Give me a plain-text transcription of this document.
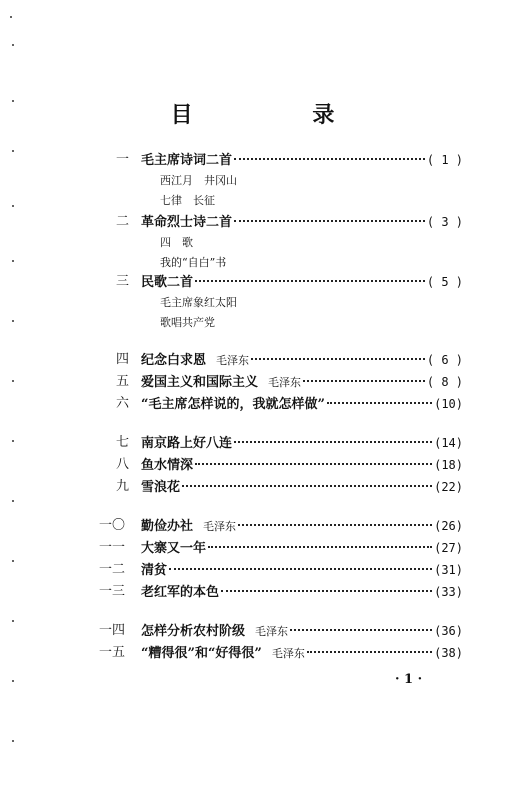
目 录
一 毛主席诗词二首	( 1 )
西江月　井冈山
七律　长征
二 革命烈士诗二首	( 3 )
四　歌
我的“自白”书
三 民歌二首	( 5 )
毛主席象红太阳
歌唱共产党
四 纪念白求恩 毛泽东	( 6 )
五 爱国主义和国际主义 毛泽东	( 8 )
六 “毛主席怎样说的，我就怎样做”	(10)
七 南京路上好八连	(14)
八 鱼水情深	(18)
九 雪浪花	(22)
一〇 勤俭办社 毛泽东	(26)
一一 大寨又一年	(27)
一二 清贫	(31)
一三 老红军的本色	(33)
一四 怎样分析农村阶级 毛泽东	(36)
一五 “糟得很”和“好得很” 毛泽东	(38)
· 1 ·
